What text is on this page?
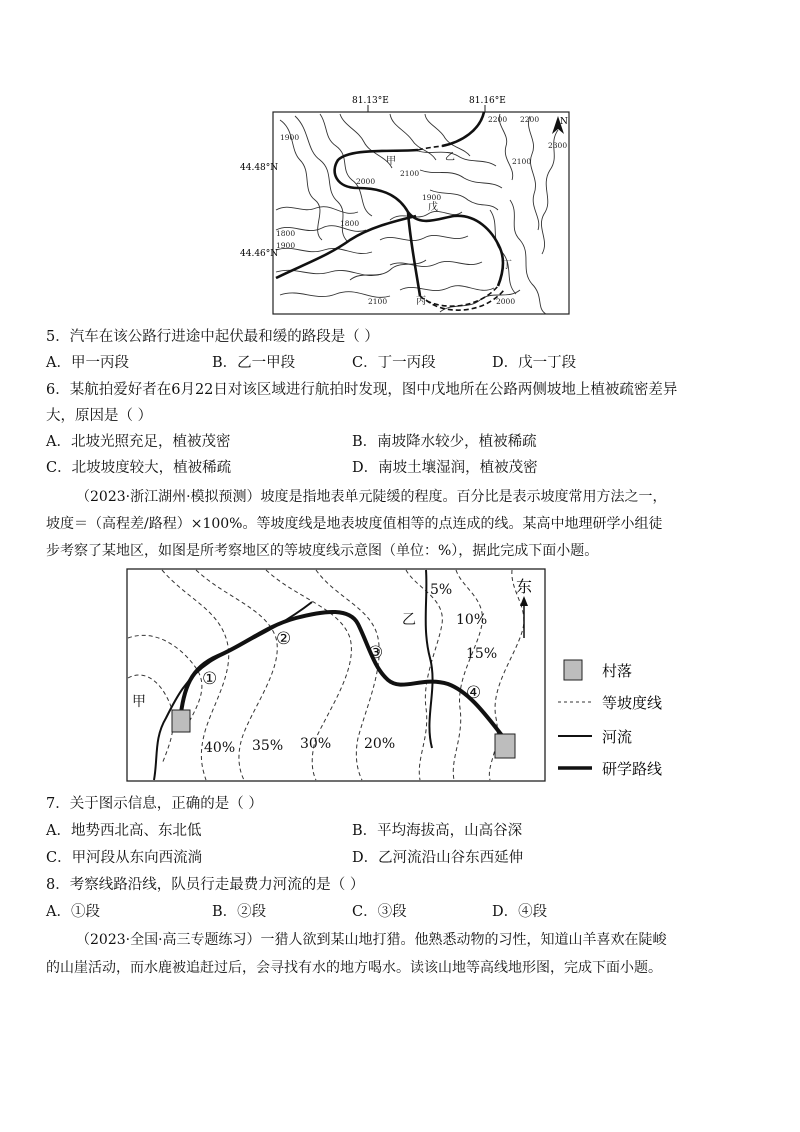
81.13°E	81.16°E
44.48°N
44.46°N
1900
2200 2200
2300
2100
2100
2000
1900
1800
1800
1900
2100	2000
甲	乙
戊
丁
丙
N
5．汽车在该公路行进途中起伏最和缓的路段是（ ）
A．甲一丙段	B．乙一甲段	C．丁一丙段	D．戊一丁段
6．某航拍爱好者在6月22日对该区域进行航拍时发现，图中戊地所在公路两侧坡地上植被疏密差异
大，原因是（ ）
A．北坡光照充足，植被茂密	B．南坡降水较少，植被稀疏
C．北坡坡度较大，植被稀疏	D．南坡土壤湿润，植被茂密
（2023·浙江湖州·模拟预测）坡度是指地表单元陡缓的程度。百分比是表示坡度常用方法之一，
坡度＝（高程差/路程）×100%。等坡度线是地表坡度值相等的点连成的线。某高中地理研学小组徒
步考察了某地区，如图是所考察地区的等坡度线示意图（单位：%），据此完成下面小题。
甲
乙
5%
10%
15%
20%
30%
35%
40%
①
②
③
④
东
村落
等坡度线
河流
研学路线
7．关于图示信息，正确的是（ ）
A．地势西北高、东北低	B．平均海拔高，山高谷深
C．甲河段从东向西流淌	D．乙河流沿山谷东西延伸
8．考察线路沿线，队员行走最费力河流的是（ ）
A．①段	B．②段	C．③段	D．④段
（2023·全国·高三专题练习）一猎人欲到某山地打猎。他熟悉动物的习性，知道山羊喜欢在陡峻
的山崖活动，而水鹿被追赶过后，会寻找有水的地方喝水。读该山地等高线地形图，完成下面小题。
